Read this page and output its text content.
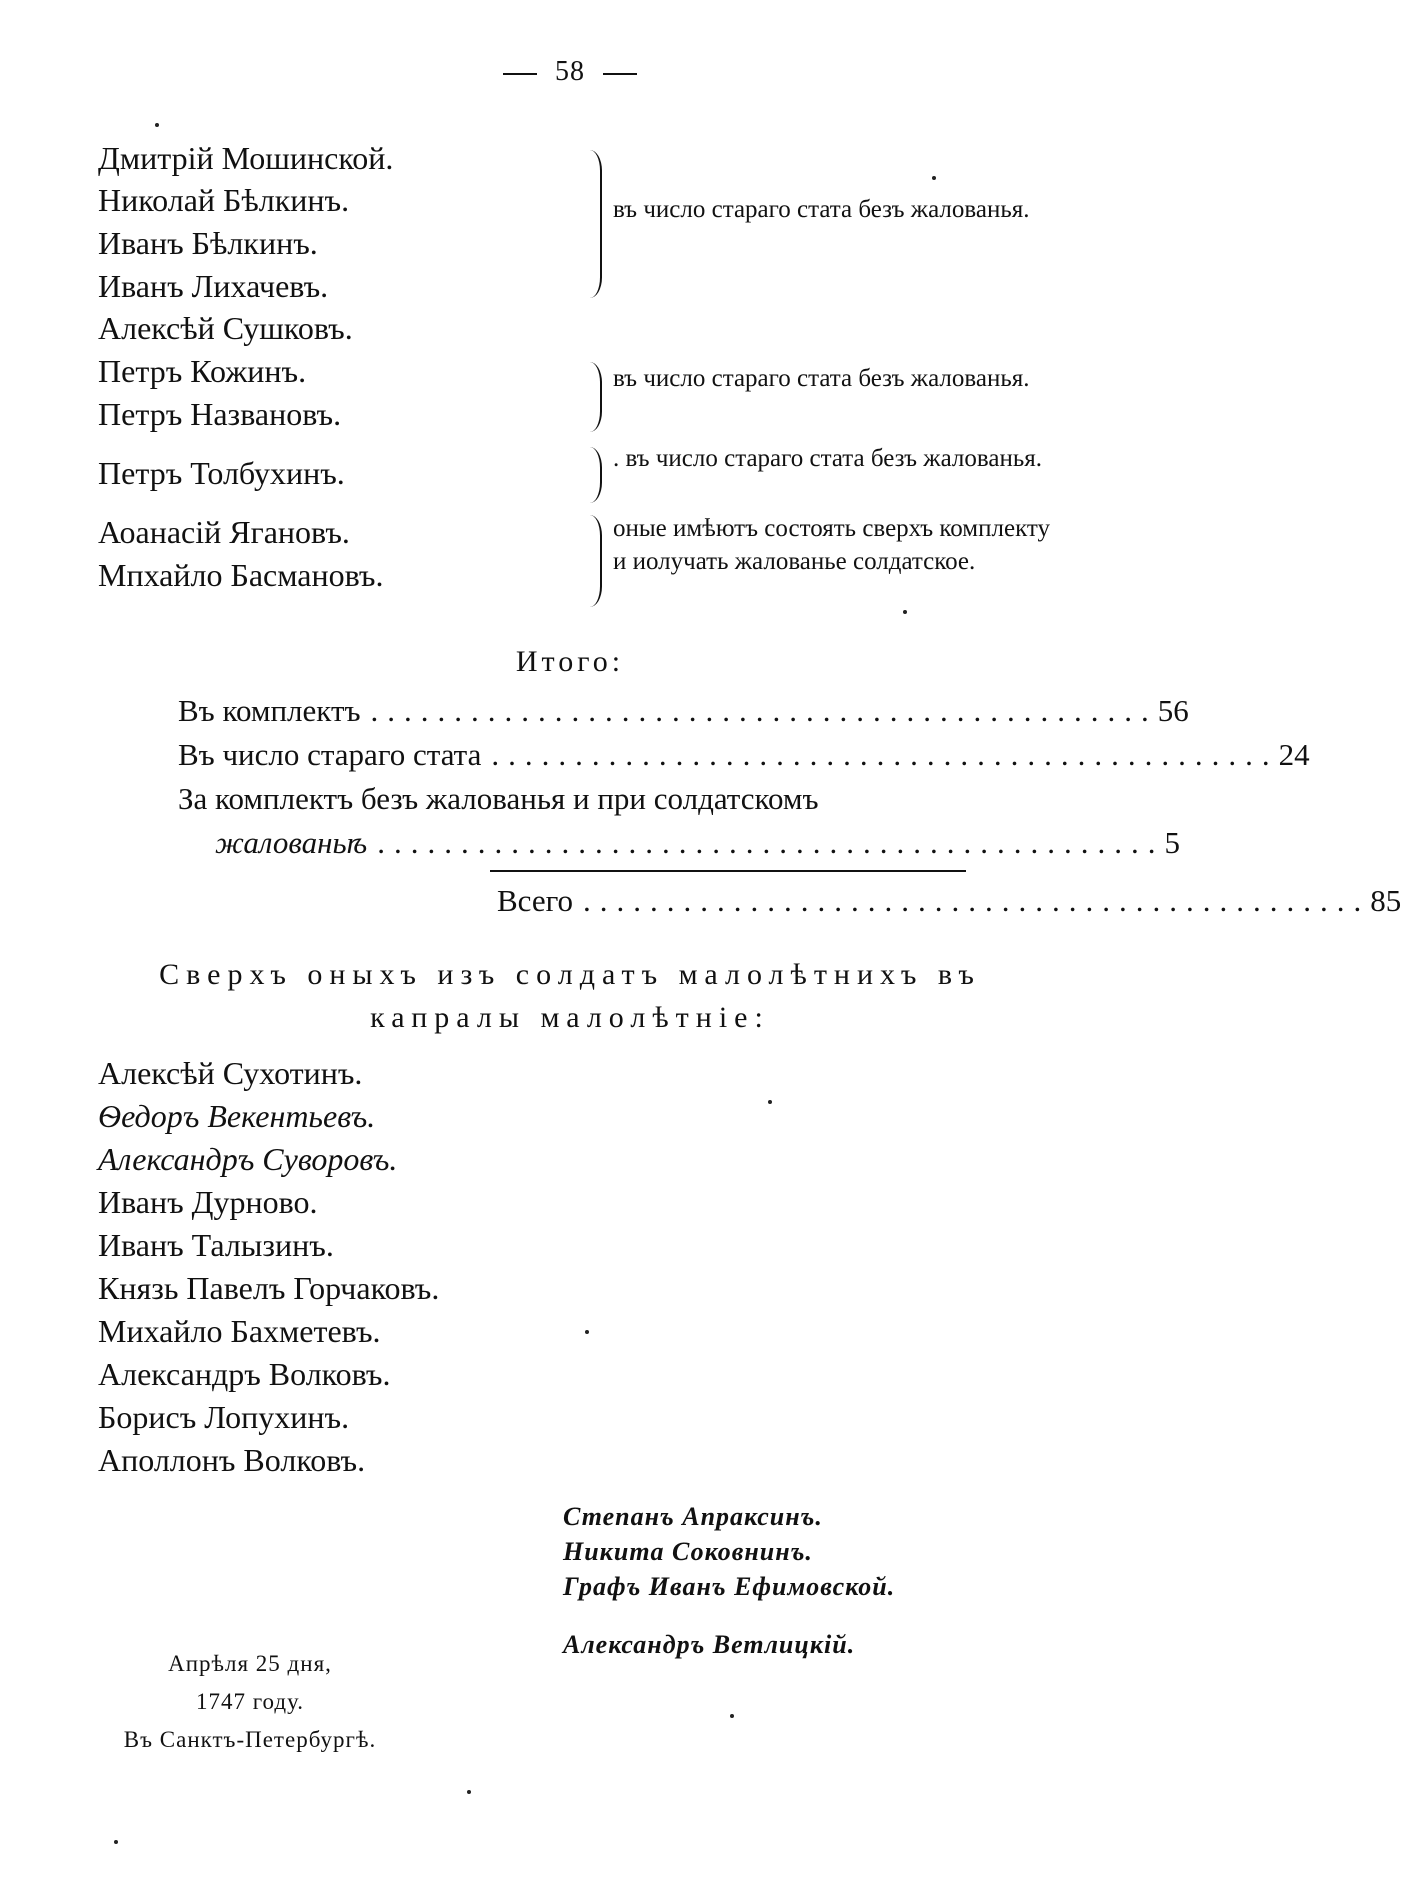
58
Дмитрій Мошинской.
Николай Бѣлкинъ.
Иванъ Бѣлкинъ.
Иванъ Лихачевъ.
Алексѣй Сушковъ.
Петръ Кожинъ.
Петръ Названовъ.
Петръ Толбухинъ.
Аоанасій Ягановъ.
Мпхайло Басмановъ.
въ число стараго стата безъ жалованья.
въ число стараго стата безъ жалованья.
. въ число стараго стата безъ жалованья.
оные имѣютъ состоять сверхъ комплекту и иолучать жалованье солдатское.
Итого:
Въ комплектъ ............................................... 56
Въ число стараго стата ............................................... 24
За комплектъ безъ жалованья и при солдатскомъ
жалованьѣ ............................................... 5
Всего ............................................... 85
Сверхъ оныхъ изъ солдатъ малолѣтнихъ въ
капралы малолѣтніе:
Алексѣй Сухотинъ.
Ѳедоръ Векентьевъ.
Александръ Суворовъ.
Иванъ Дурново.
Иванъ Талызинъ.
Князь Павелъ Горчаковъ.
Михайло Бахметевъ.
Александръ Волковъ.
Борисъ Лопухинъ.
Аполлонъ Волковъ.
Степанъ Апраксинъ.
Никита Соковнинъ.
Графъ Иванъ Ефимовской.
Александръ Ветлицкій.
Апрѣля 25 дня,
1747 году.
Въ Санктъ-Петербургѣ.
